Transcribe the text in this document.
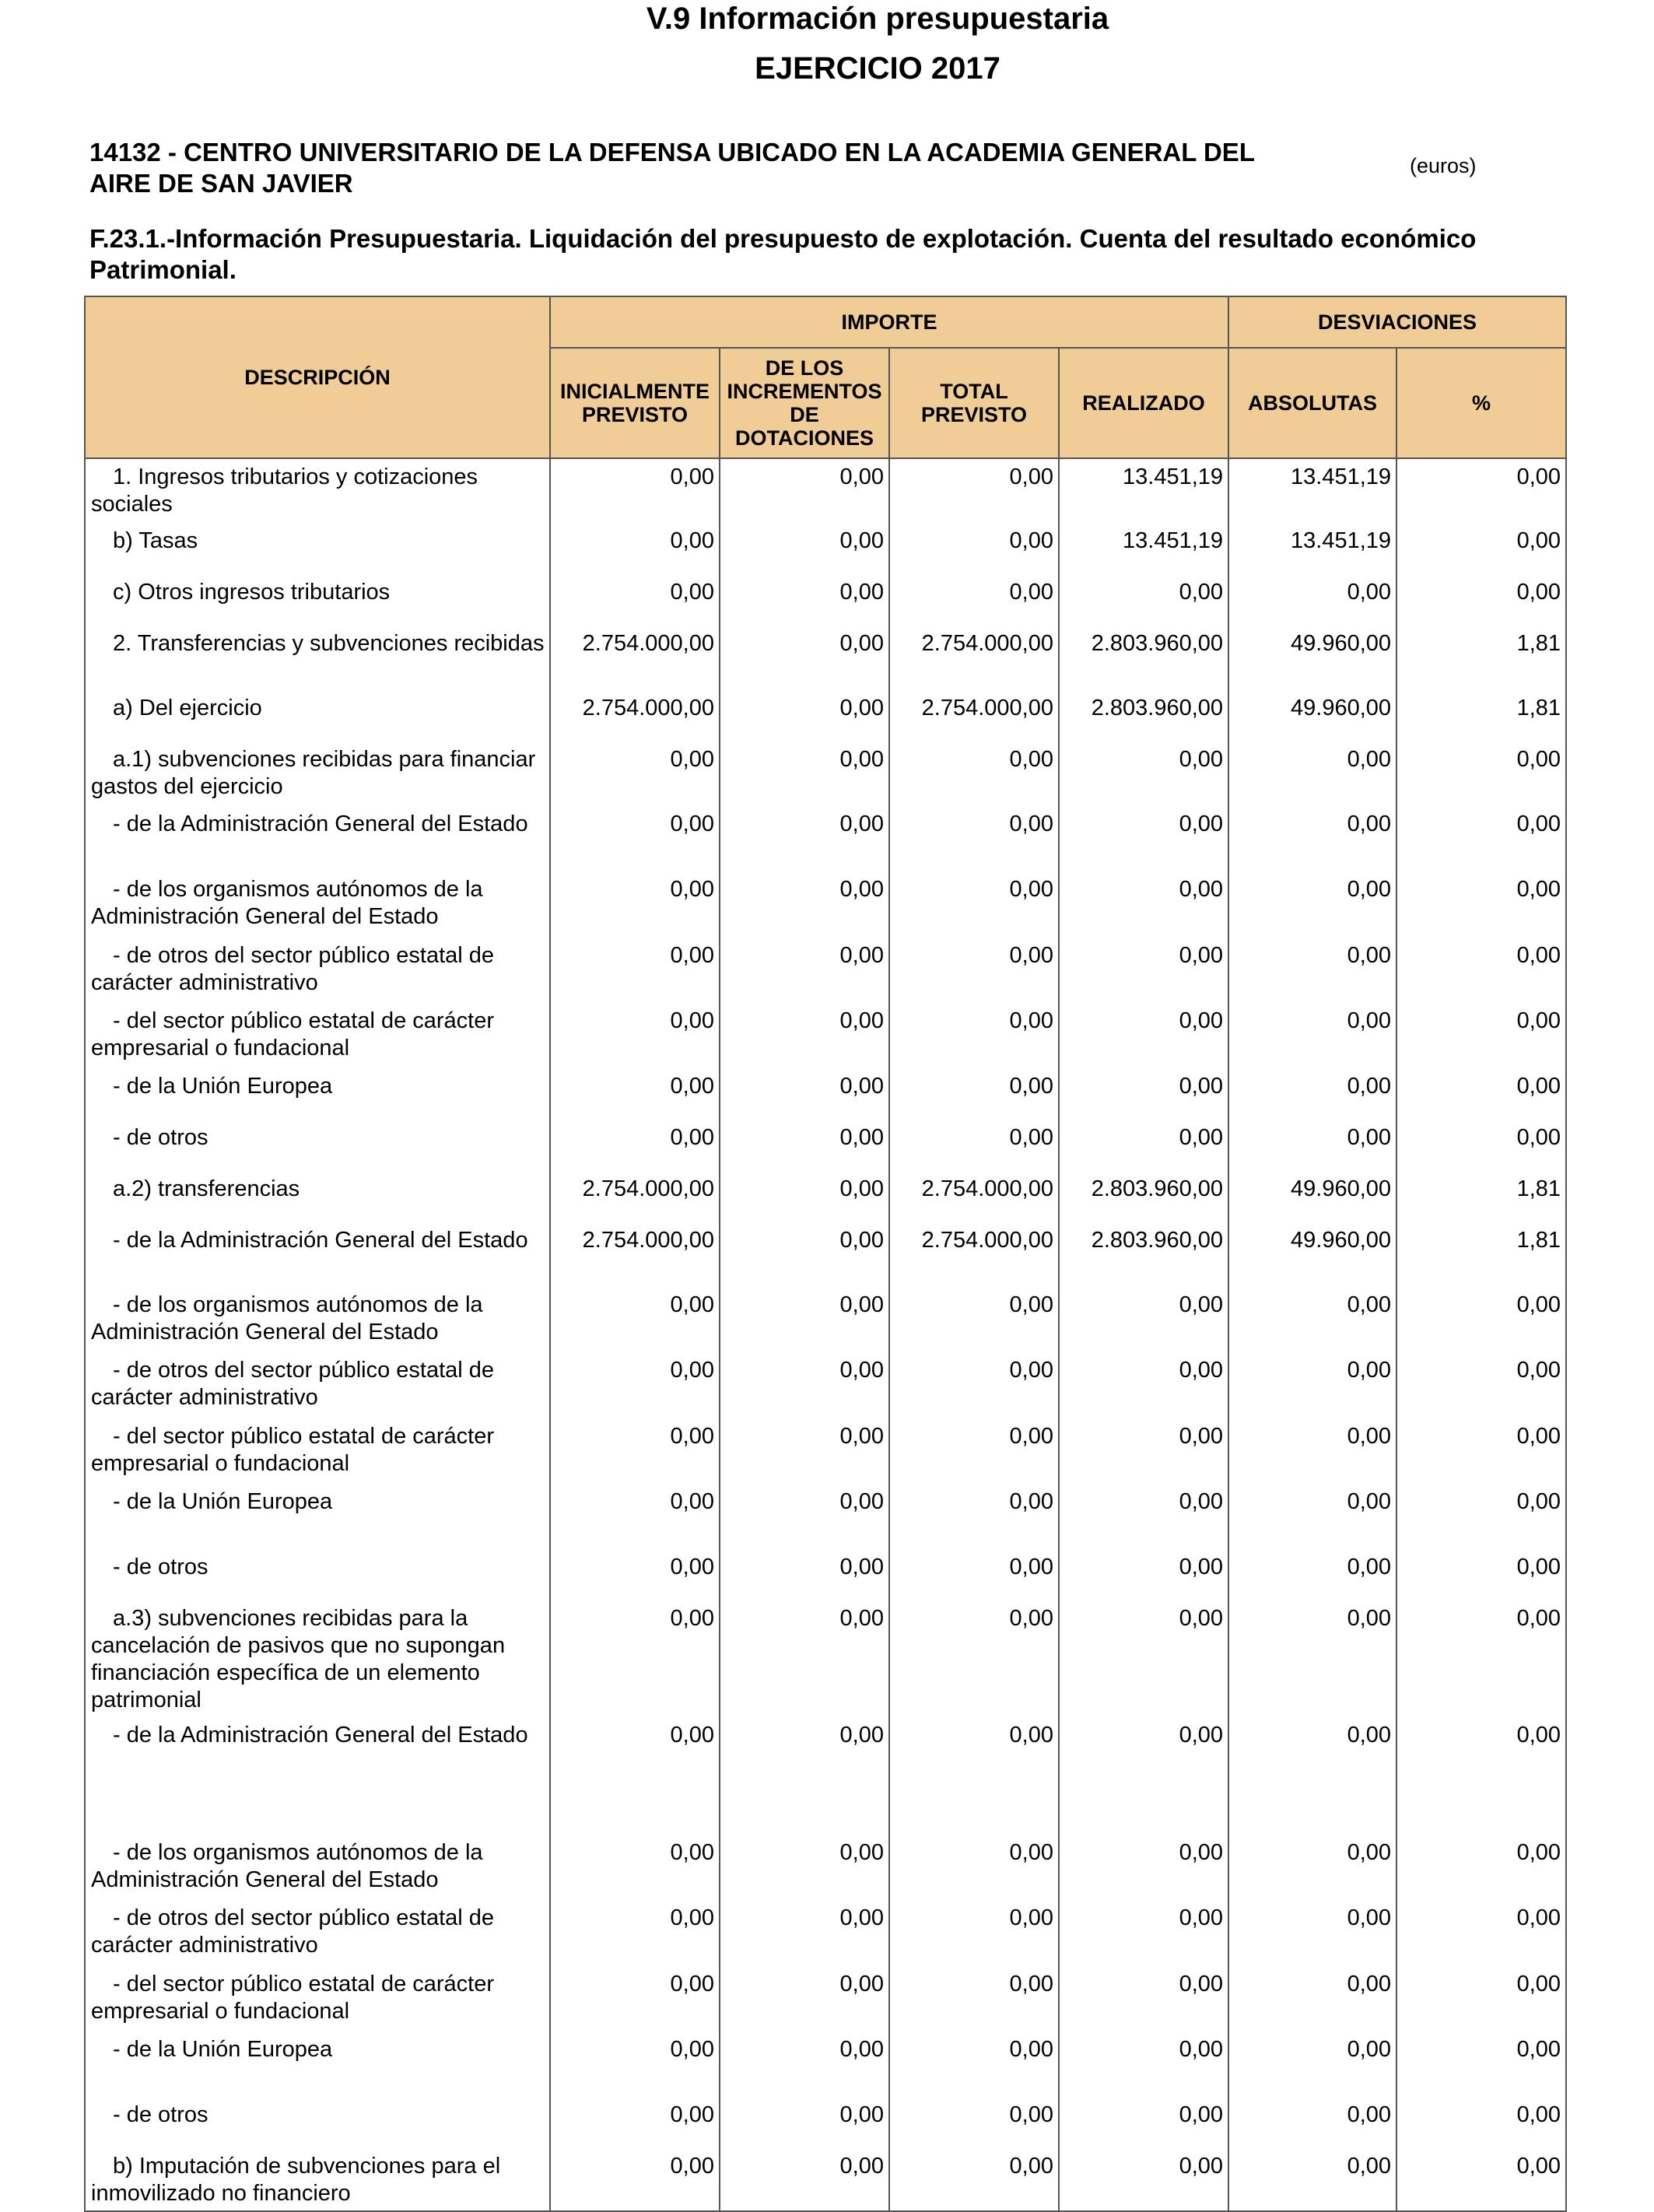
V.9 Información presupuestaria
EJERCICIO 2017
14132 - CENTRO UNIVERSITARIO DE LA DEFENSA UBICADO EN LA ACADEMIA GENERAL DEL AIRE DE SAN JAVIER
(euros)
F.23.1.-Información Presupuestaria. Liquidación del presupuesto de explotación. Cuenta del resultado económico Patrimonial.
DESCRIPCIÓN	IMPORTE				DESVIACIONES	
	INICIALMENTE PREVISTO	DE LOS INCREMENTOS DE DOTACIONES	TOTAL PREVISTO	REALIZADO	ABSOLUTAS	%
1. Ingresos tributarios y cotizaciones sociales	0,00	0,00	0,00	13.451,19	13.451,19	0,00
b) Tasas	0,00	0,00	0,00	13.451,19	13.451,19	0,00
c) Otros ingresos tributarios	0,00	0,00	0,00	0,00	0,00	0,00
2. Transferencias y subvenciones recibidas	2.754.000,00	0,00	2.754.000,00	2.803.960,00	49.960,00	1,81
a) Del ejercicio	2.754.000,00	0,00	2.754.000,00	2.803.960,00	49.960,00	1,81
a.1) subvenciones recibidas para financiar gastos del ejercicio	0,00	0,00	0,00	0,00	0,00	0,00
- de la Administración General del Estado	0,00	0,00	0,00	0,00	0,00	0,00
- de los organismos autónomos de la Administración General del Estado	0,00	0,00	0,00	0,00	0,00	0,00
- de otros del sector público estatal de carácter administrativo	0,00	0,00	0,00	0,00	0,00	0,00
- del sector público estatal de carácter empresarial o fundacional	0,00	0,00	0,00	0,00	0,00	0,00
- de la Unión Europea	0,00	0,00	0,00	0,00	0,00	0,00
- de otros	0,00	0,00	0,00	0,00	0,00	0,00
a.2) transferencias	2.754.000,00	0,00	2.754.000,00	2.803.960,00	49.960,00	1,81
- de la Administración General del Estado	2.754.000,00	0,00	2.754.000,00	2.803.960,00	49.960,00	1,81
- de los organismos autónomos de la Administración General del Estado	0,00	0,00	0,00	0,00	0,00	0,00
- de otros del sector público estatal de carácter administrativo	0,00	0,00	0,00	0,00	0,00	0,00
- del sector público estatal de carácter empresarial o fundacional	0,00	0,00	0,00	0,00	0,00	0,00
- de la Unión Europea	0,00	0,00	0,00	0,00	0,00	0,00
- de otros	0,00	0,00	0,00	0,00	0,00	0,00
a.3) subvenciones recibidas para la cancelación de pasivos que no supongan financiación específica de un elemento patrimonial	0,00	0,00	0,00	0,00	0,00	0,00
- de la Administración General del Estado	0,00	0,00	0,00	0,00	0,00	0,00
- de los organismos autónomos de la Administración General del Estado	0,00	0,00	0,00	0,00	0,00	0,00
- de otros del sector público estatal de carácter administrativo	0,00	0,00	0,00	0,00	0,00	0,00
- del sector público estatal de carácter empresarial o fundacional	0,00	0,00	0,00	0,00	0,00	0,00
- de la Unión Europea	0,00	0,00	0,00	0,00	0,00	0,00
- de otros	0,00	0,00	0,00	0,00	0,00	0,00
b) Imputación de subvenciones para el inmovilizado no financiero	0,00	0,00	0,00	0,00	0,00	0,00
